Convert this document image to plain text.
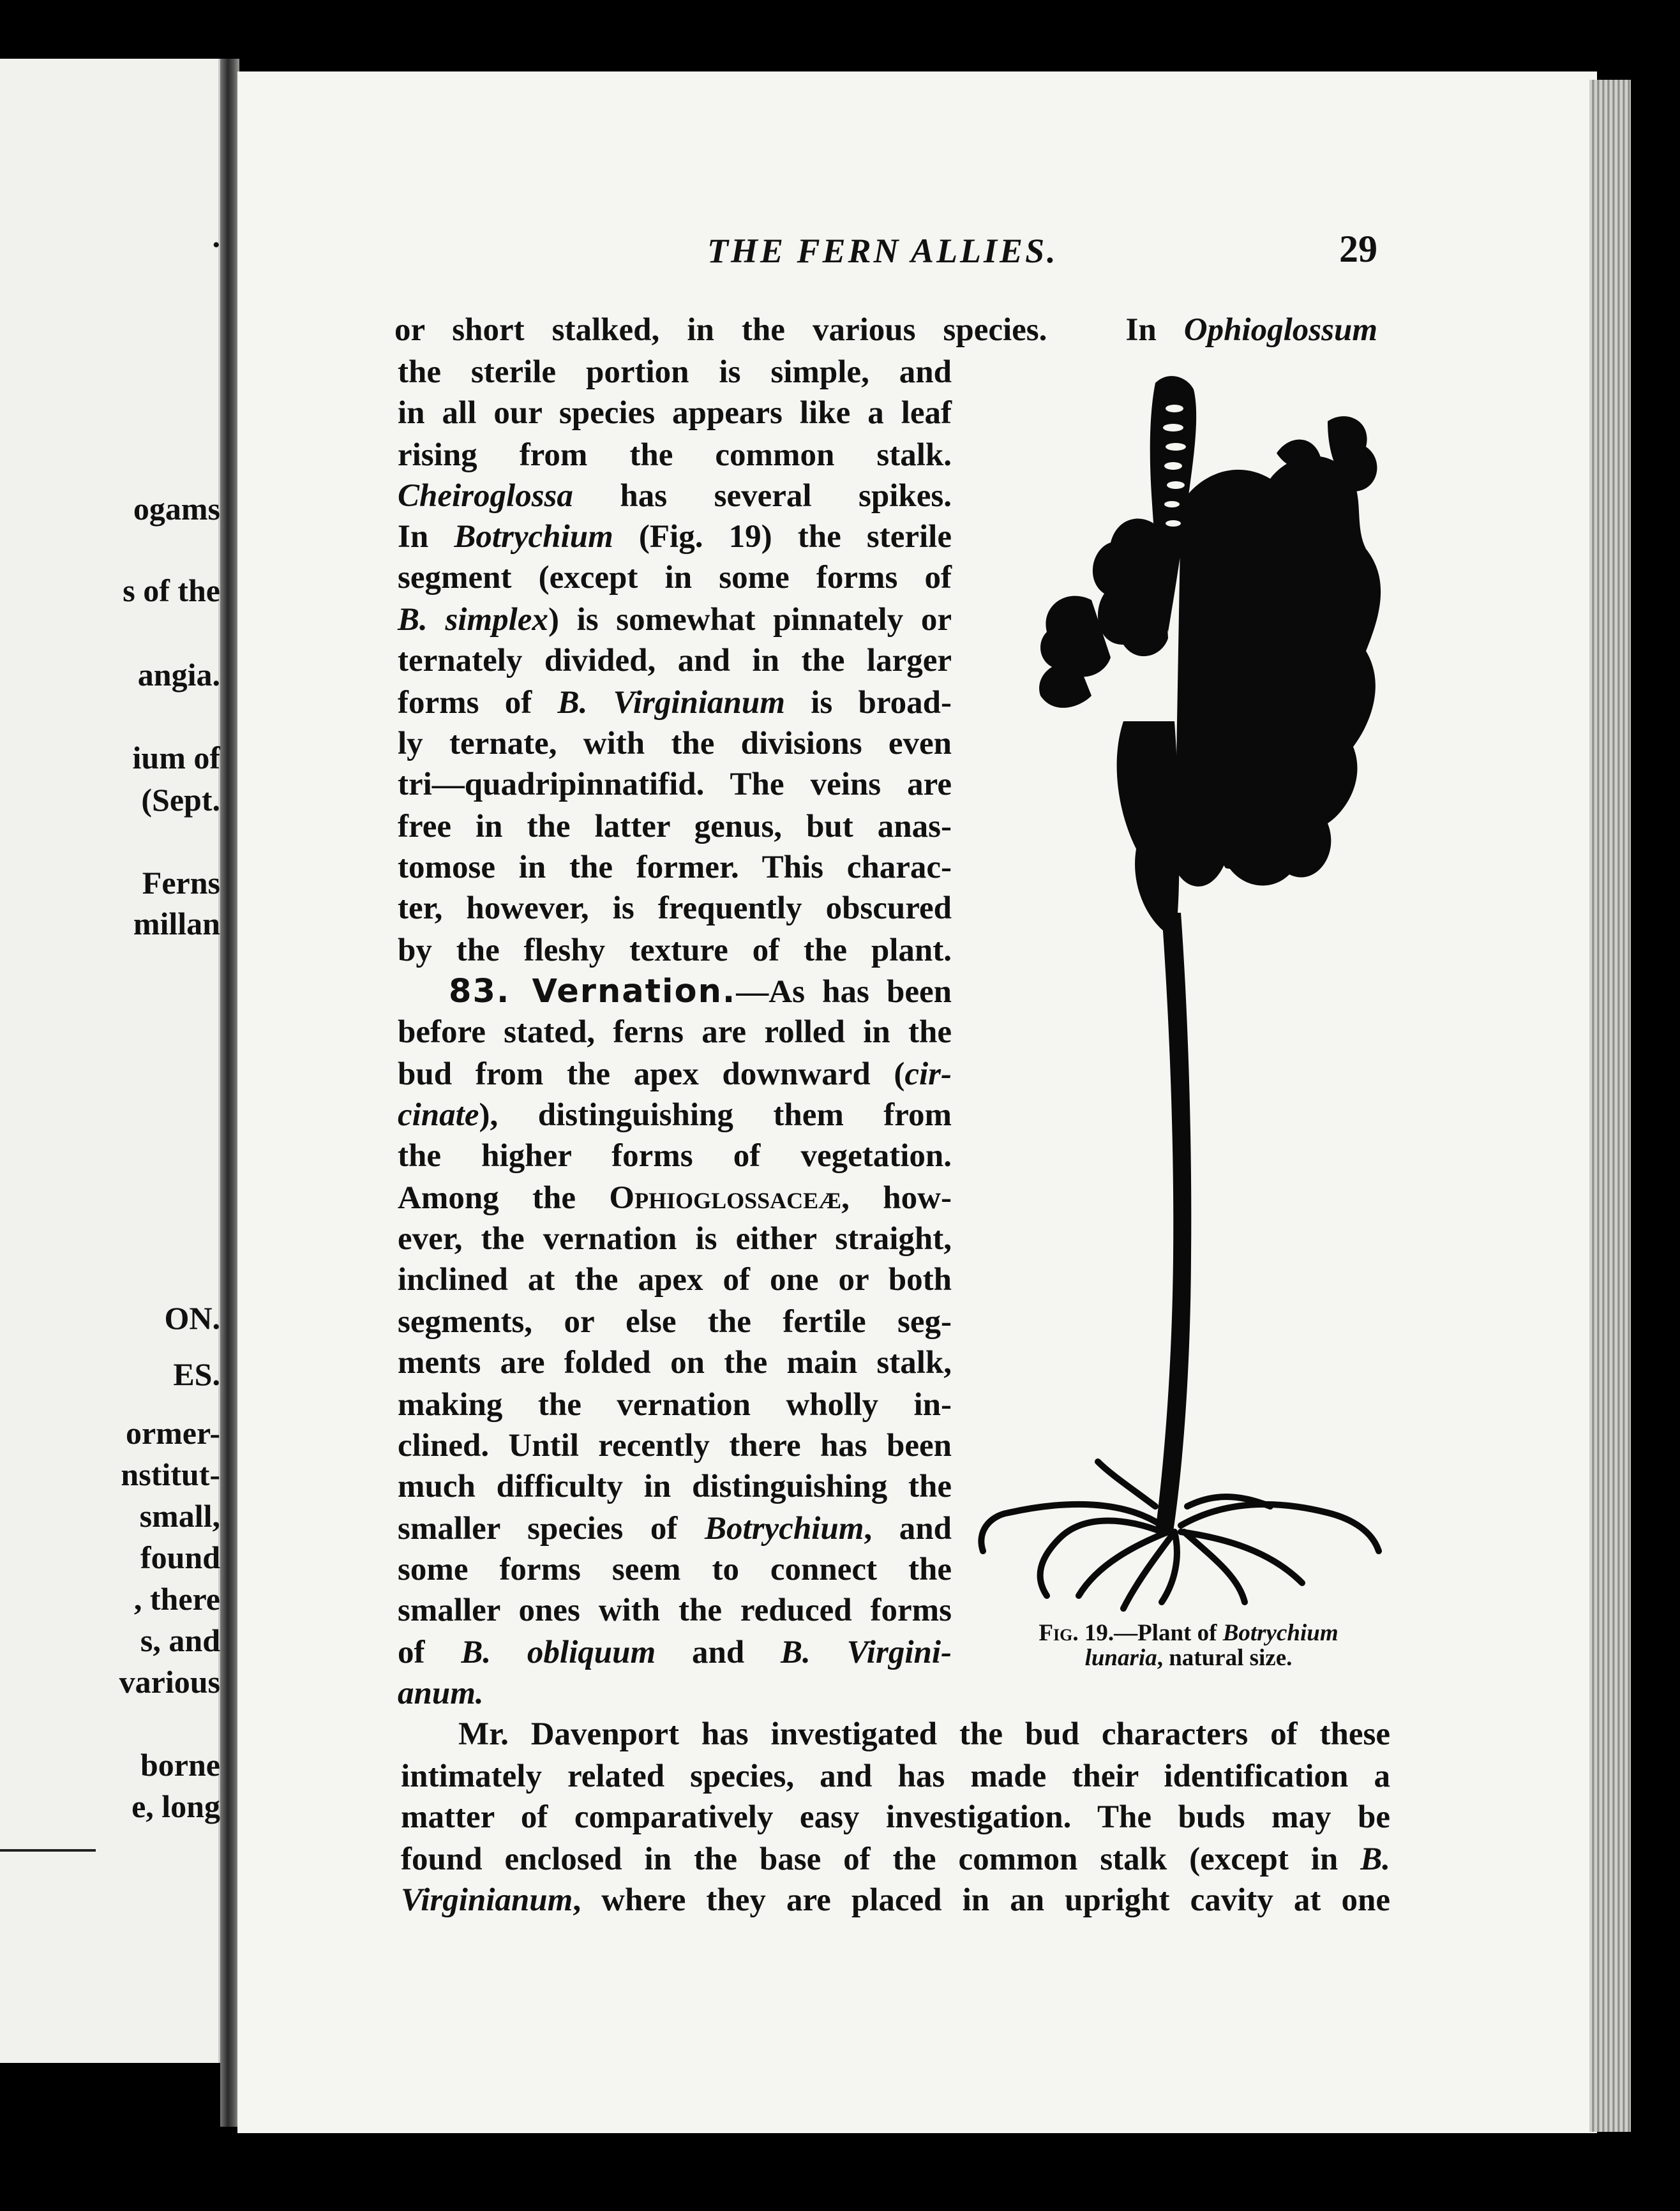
.
ogams
s of the
angia.
ium of
(Sept.
Ferns
millan
ON.
ES.
ormer-
nstitut-
small,
found
, there
s, and
various
borne
e, long
THE FERN ALLIES.	29
or short stalked, in the various species. In Ophioglossum
the sterile portion is simple, and
in all our species appears like a leaf
rising from the common stalk.
Cheiroglossa has several spikes.
In Botrychium (Fig. 19) the sterile
segment (except in some forms of
B. simplex) is somewhat pinnately or
ternately divided, and in the larger
forms of B. Virginianum is broad-
ly ternate, with the divisions even
tri—quadripinnatifid. The veins are
free in the latter genus, but anas-
tomose in the former. This charac-
ter, however, is frequently obscured
by the fleshy texture of the plant.
83. Vernation.—As has been
before stated, ferns are rolled in the
bud from the apex downward (cir-
cinate), distinguishing them from
the higher forms of vegetation.
Among the Ophioglossaceæ, how-
ever, the vernation is either straight,
inclined at the apex of one or both
segments, or else the fertile seg-
ments are folded on the main stalk,
making the vernation wholly in-
clined. Until recently there has been
much difficulty in distinguishing the
smaller species of Botrychium, and
some forms seem to connect the
smaller ones with the reduced forms
of B. obliquum and B. Virgini-
anum.
Mr. Davenport has investigated the bud characters of these
intimately related species, and has made their identification a
matter of comparatively easy investigation. The buds may be
found enclosed in the base of the common stalk (except in B.
Virginianum, where they are placed in an upright cavity at one
Fig. 19.—Plant of Botrychium
lunaria, natural size.
